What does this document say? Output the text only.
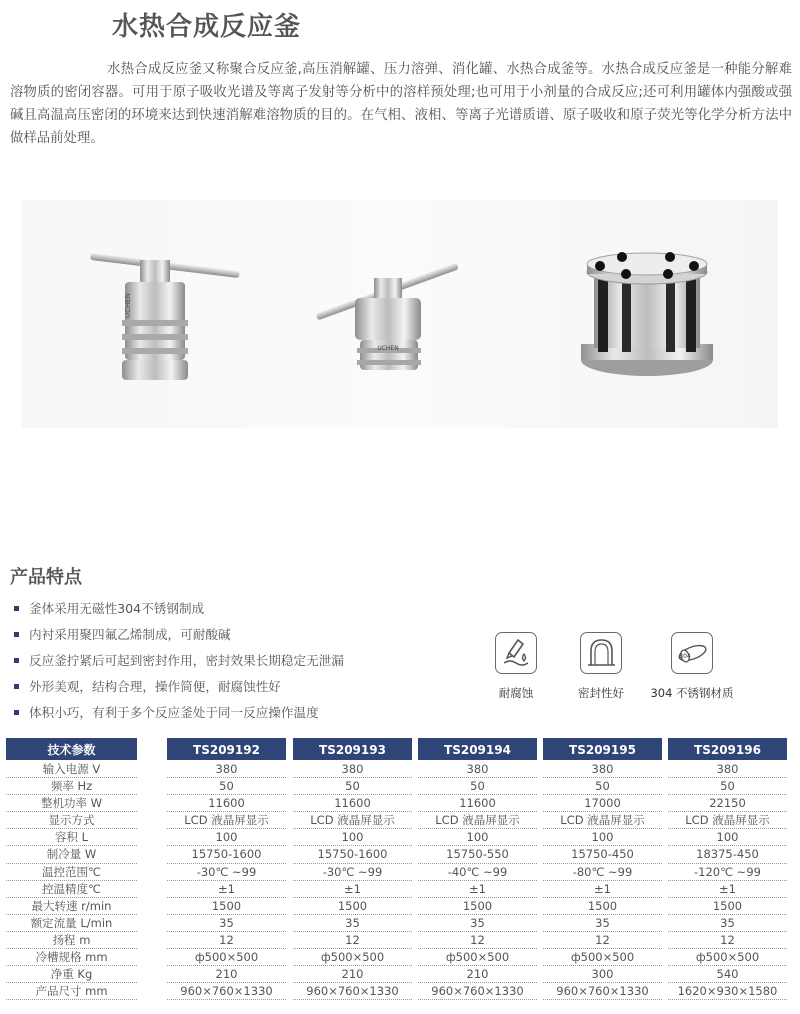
水热合成反应釜

水热合成反应釜又称聚合反应釜,高压消解罐、压力溶弹、消化罐、水热合成釜等。水热合成反应釜是一种能分解难溶物质的密闭容器。可用于原子吸收光谱及等离子发射等分析中的溶样预处理;也可用于小剂量的合成反应;还可利用罐体内强酸或强碱且高温高压密闭的环境来达到快速消解难溶物质的目的。在气相、液相、等离子光谱质谱、原子吸收和原子荧光等化学分析方法中做样品前处理。

UCHEN
UCHEN
产品特点
釜体采用无磁性304不锈钢制成
内衬采用聚四氟乙烯制成，可耐酸碱
反应釜拧紧后可起到密封作用，密封效果长期稳定无泄漏
外形美观，结构合理，操作简便，耐腐蚀性好
体积小巧，有利于多个反应釜处于同一反应操作温度
耐腐蚀	密封性好
304
304 不锈钢材质
技术参数	TS209192	TS209193	TS209194	TS209195	TS209196
输入电源 V	380	380	380	380	380
频率 Hz	50	50	50	50	50
整机功率 W	11600	11600	11600	17000	22150
显示方式	LCD 液晶屏显示	LCD 液晶屏显示	LCD 液晶屏显示	LCD 液晶屏显示	LCD 液晶屏显示
容积 L	100	100	100	100	100
制冷量 W	15750-1600	15750-1600	15750-550	15750-450	18375-450
温控范围℃	-30℃ ~99	-30℃ ~99	-40℃ ~99	-80℃ ~99	-120℃ ~99
控温精度℃	±1	±1	±1	±1	±1
最大转速 r/min	1500	1500	1500	1500	1500
额定流量 L/min	35	35	35	35	35
扬程 m	12	12	12	12	12
冷槽规格 mm	ф500×500	ф500×500	ф500×500	ф500×500	ф500×500
净重 Kg	210	210	210	300	540
产品尺寸 mm	960×760×1330	960×760×1330	960×760×1330	960×760×1330	1620×930×1580
